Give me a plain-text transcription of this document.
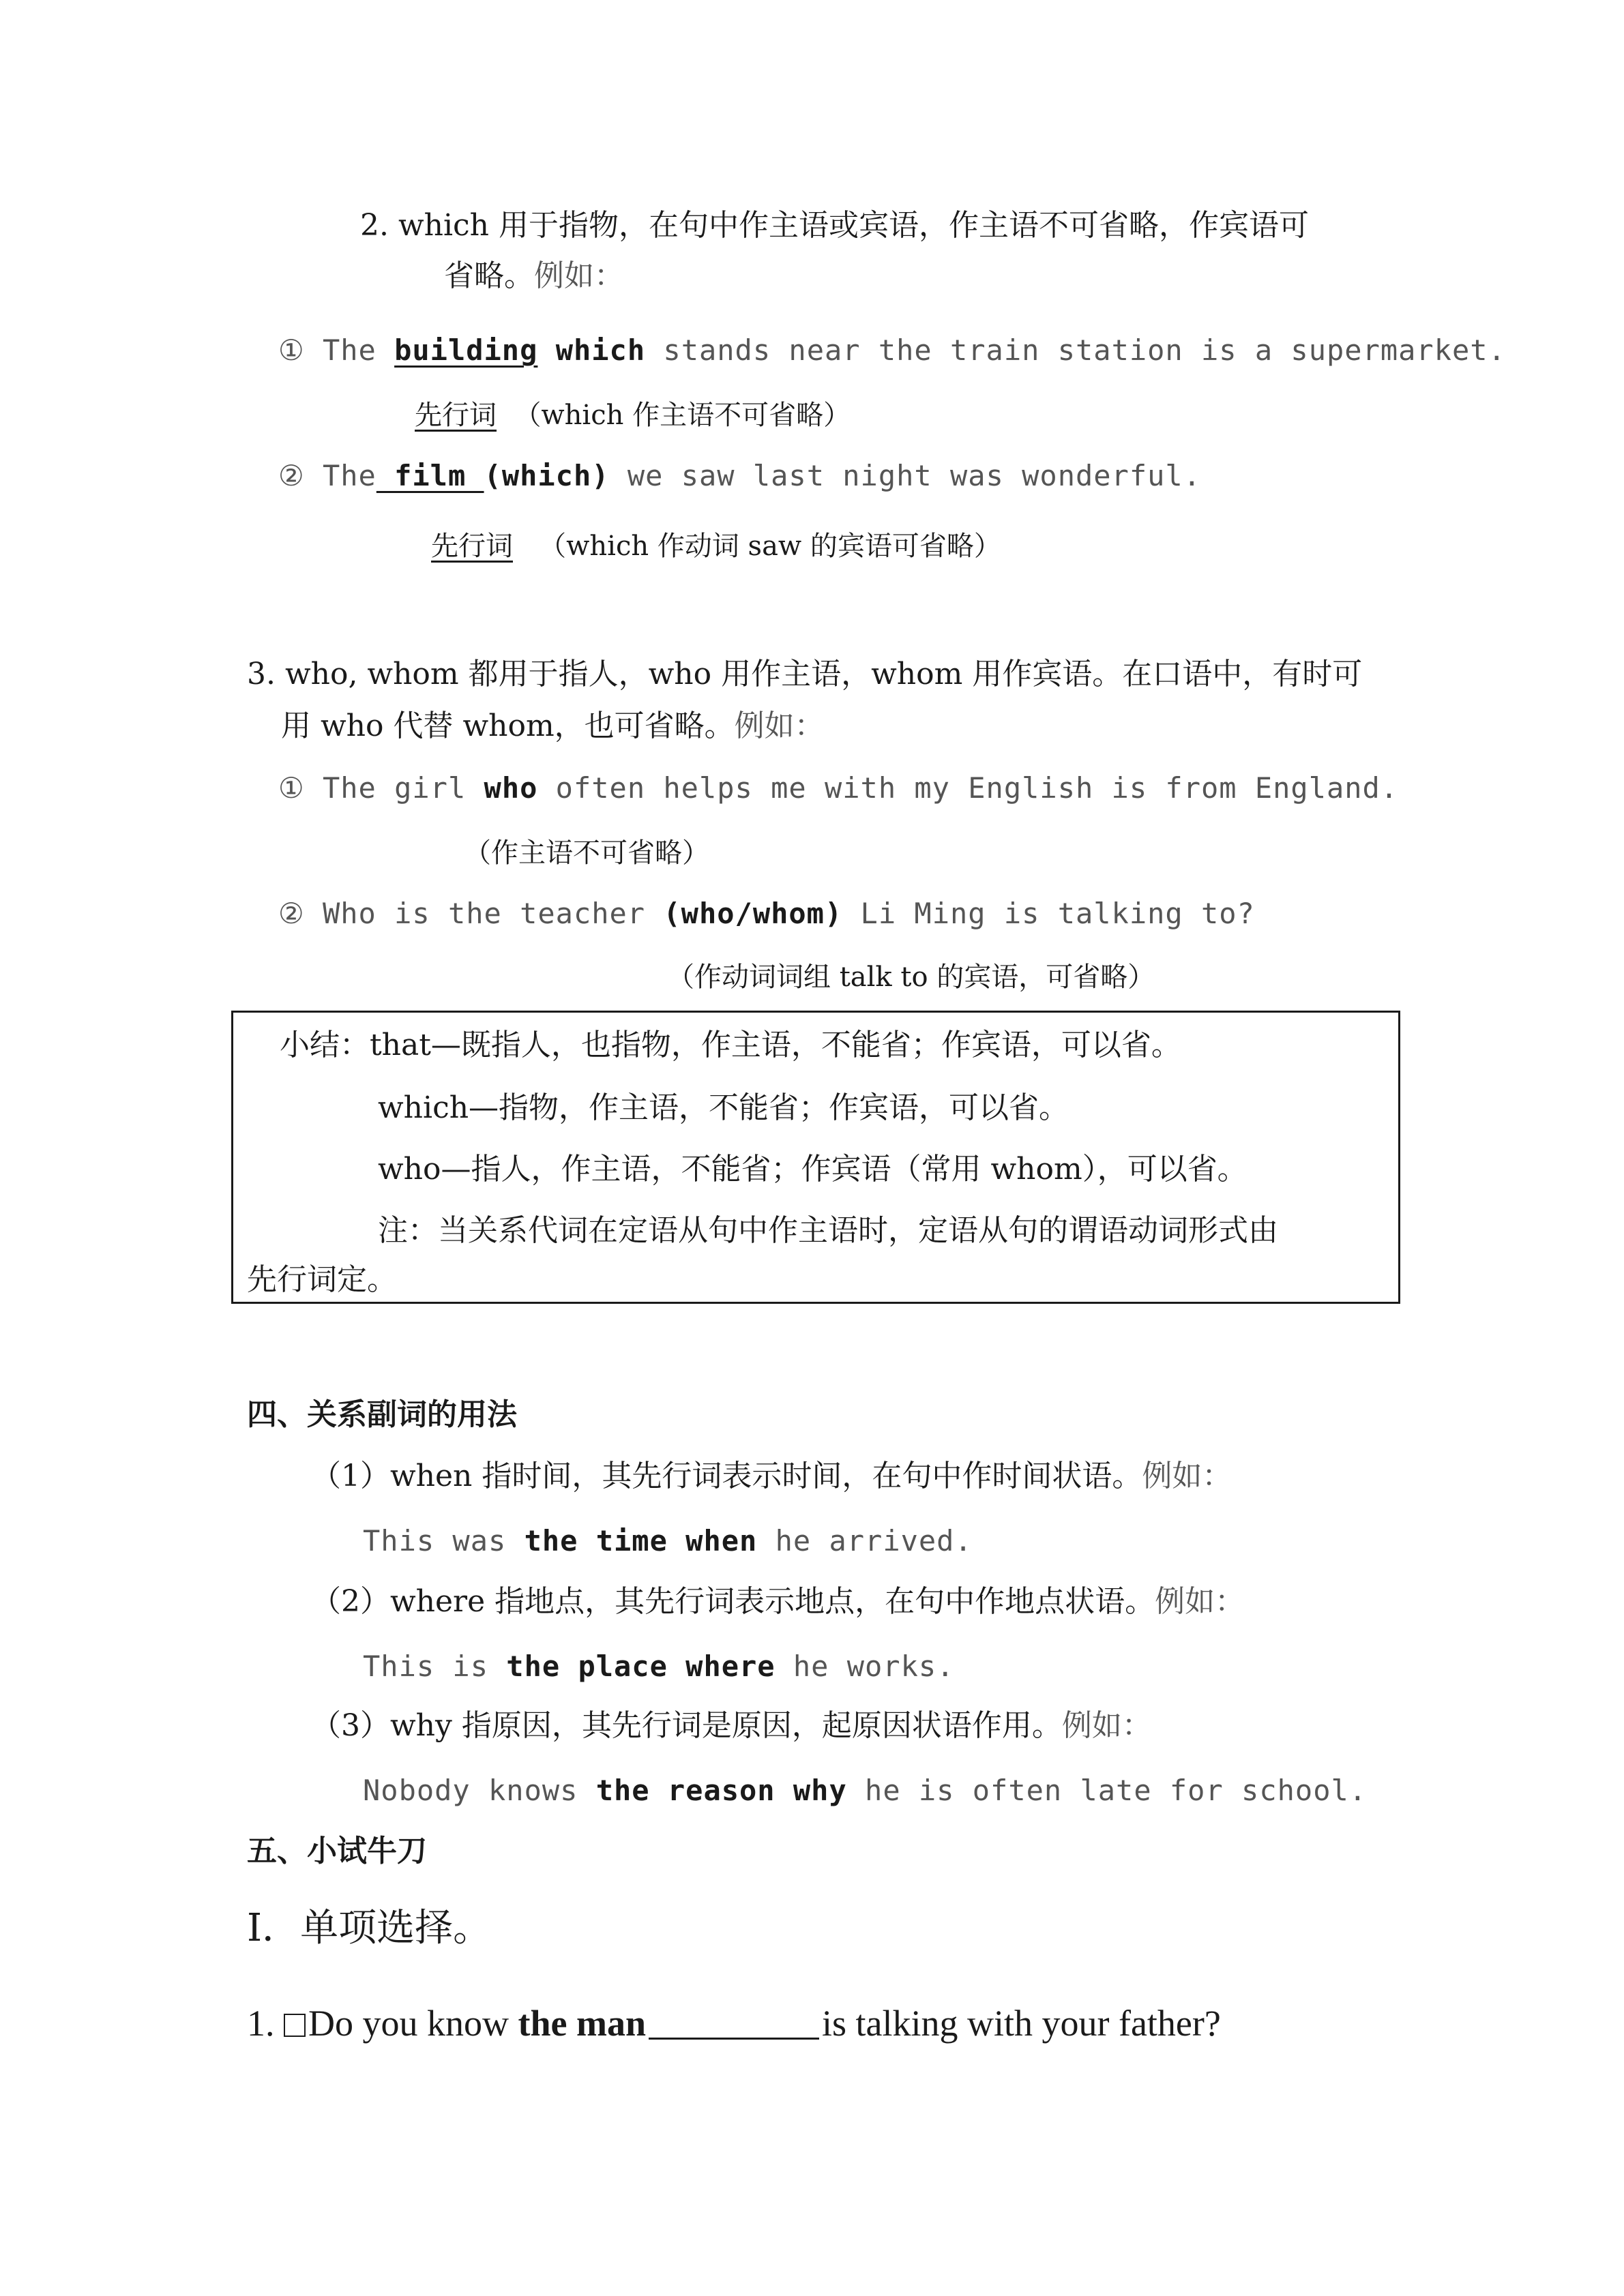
2. which 用于指物，在句中作主语或宾语，作主语不可省略，作宾语可
省略。例如：
① The building which stands near the train station is a supermarket.
先行词 （which 作主语不可省略）
② The film (which) we saw last night was wonderful.
先行词 （which 作动词 saw 的宾语可省略）
3. who, whom 都用于指人，who 用作主语，whom 用作宾语。在口语中，有时可
用 who 代替 whom，也可省略。例如：
① The girl who often helps me with my English is from England.
（作主语不可省略）
② Who is the teacher (who/whom) Li Ming is talking to?
（作动词词组 talk to 的宾语，可省略）
小结：that—既指人，也指物，作主语，不能省；作宾语，可以省。
which—指物，作主语，不能省；作宾语，可以省。
who—指人，作主语，不能省；作宾语（常用 whom），可以省。
注：当关系代词在定语从句中作主语时，定语从句的谓语动词形式由
先行词定。
四、关系副词的用法
（1）when 指时间，其先行词表示时间，在句中作时间状语。例如：
This was the time when he arrived.
（2）where 指地点，其先行词表示地点，在句中作地点状语。例如：
This is the place where he works.
（3）why 指原因，其先行词是原因，起原因状语作用。例如：
Nobody knows the reason why he is often late for school.
五、小试牛刀
I．单项选择。
1. Do you know the man	is talking with your father?
